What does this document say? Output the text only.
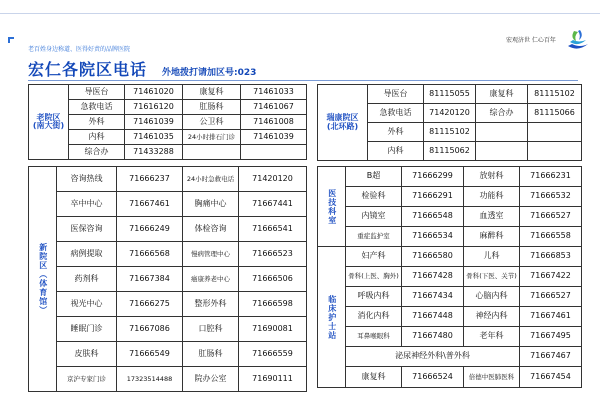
老百姓身边称道、医得好责的品牌医院
宏仁各院区电话 外地拨打请加区号:023
宏观济世 仁心百年
老院区
(南大街)	导医台	71461020	康复科	71461033
	急救电话	71616120	肛肠科	71461067
	外科	71461039	公卫科	71461008
	内科	71461035	24小时排石门诊	71461039
	综合办	71433288		
瑞康院区
(北环路)	导医台	81115055	康复科	81115102
	急救电话	71420120	综合办	81115066
	外科	81115102		
	内科	81115062		
新院区（体育馆）	咨询热线	71666237	24小时急救电话	71420120
	卒中中心	71667461	胸痛中心	71667441
	医保咨询	71666249	体检咨询	71666541
	病例提取	71666568	慢病管理中心	71666523
	药剂科	71667384	癌康养老中心	71666506
	视光中心	71666275	整形外科	71666598
	睡眠门诊	71667086	口腔科	71690081
	皮肤科	71666549	肛肠科	71666559
	京沪专家门诊	17323514488	院办公室	71690111
医技科室	B超	71666299	放射科	71666231
	检验科	71666291	功能科	71666532
	内镜室	71666548	血透室	71666527
	重症监护室	71666534	麻醉科	71666558
临床护士站	妇产科	71666580	儿科	71666853
	骨科(上医、胸外)	71667428	骨科(下医、关节)	71667422
	呼吸内科	71667434	心脑内科	71666527
	消化内科	71667448	神经内科	71667461
	耳鼻喉眼科	71667480	老年科	71667495
	泌尿神经外科\普外科			71667467
	康复科	71666524	倍德中医肺医科	71667454
